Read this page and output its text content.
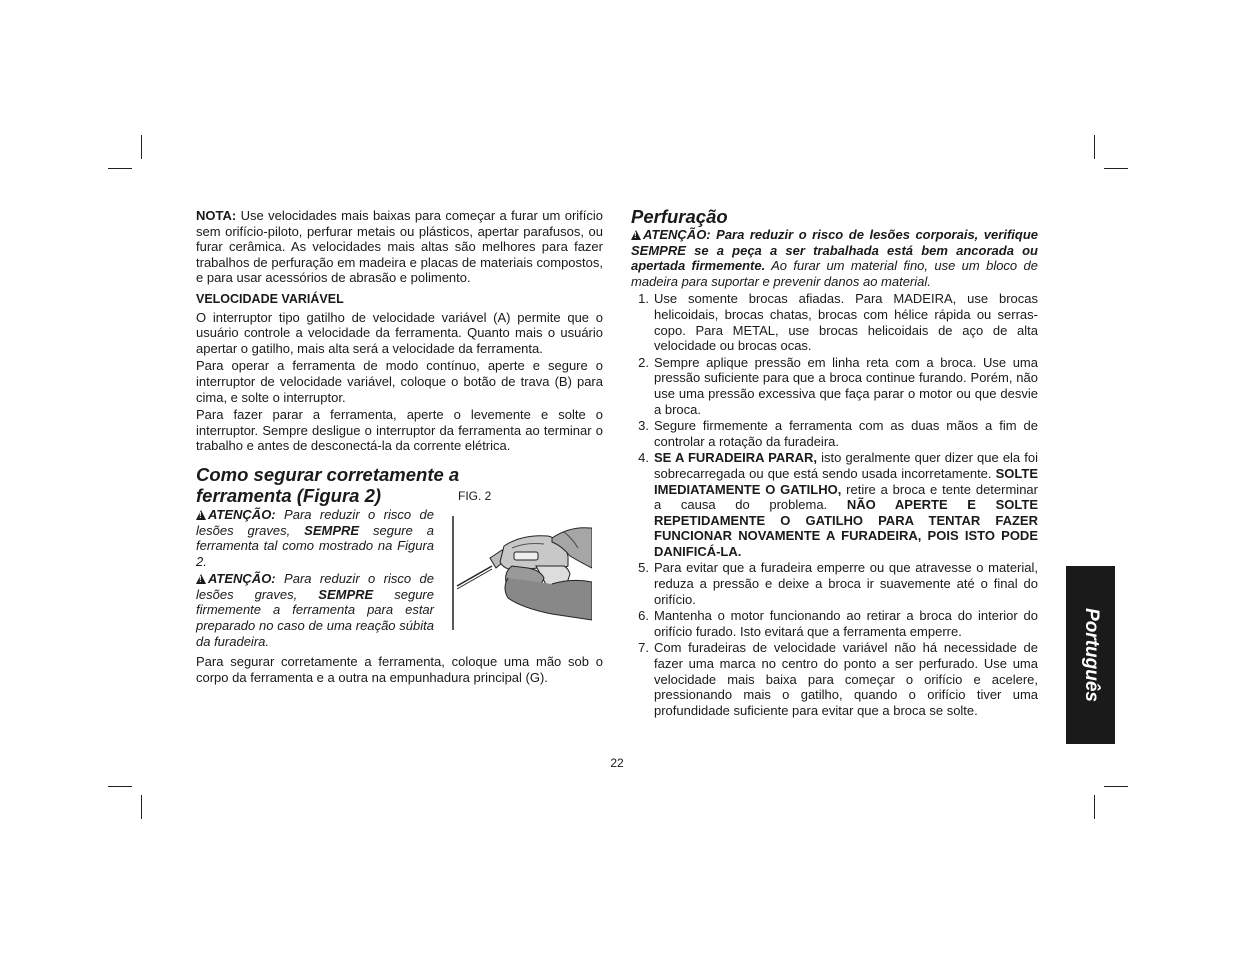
NOTA: Use velocidades mais baixas para começar a furar um orifício sem orifício-piloto, perfurar metais ou plásticos, apertar parafusos, ou furar cerâmica. As velocidades mais altas são melhores para fazer trabalhos de perfuração em madeira e placas de materiais compostos, e para usar acessórios de abrasão e polimento.

VELOCIDADE VARIÁVEL

O interruptor tipo gatilho de velocidade variável (A) permite que o usuário controle a velocidade da ferramenta. Quanto mais o usuário apertar o gatilho, mais alta será a velocidade da ferramenta.

Para operar a ferramenta de modo contínuo, aperte e segure o interruptor de velocidade variável, coloque o botão de trava (B) para cima, e solte o interruptor.

Para fazer parar a ferramenta, aperte o levemente e solte o interruptor. Sempre desligue o interruptor da ferramenta ao terminar o trabalho e antes de desconectá-la da corrente elétrica.

Como segurar corretamente a
ferramenta (Figura 2)	FIG. 2
!ATENÇÃO: Para reduzir o risco de lesões graves, SEMPRE segure a ferramenta tal como mostrado na Figura 2.
!ATENÇÃO: Para reduzir o risco de lesões graves, SEMPRE segure firmemente a ferramenta para estar preparado no caso de uma reação súbita da furadeira.

Para segurar corretamente a ferramenta, coloque uma mão sob o corpo da ferramenta e a outra na empunhadura principal (G).

Perfuração
!ATENÇÃO: Para reduzir o risco de lesões corporais, verifique SEMPRE se a peça a ser trabalhada está bem ancorada ou apertada firmemente. Ao furar um material fino, use um bloco de madeira para suportar e prevenir danos ao material.
1. Use somente brocas afiadas. Para MADEIRA, use brocas helicoidais, brocas chatas, brocas com hélice rápida ou serras-copo. Para METAL, use brocas helicoidais de aço de alta velocidade ou brocas ocas.
2. Sempre aplique pressão em linha reta com a broca. Use uma pressão suficiente para que a broca continue furando. Porém, não use uma pressão excessiva que faça parar o motor ou que desvie a broca.
3. Segure firmemente a ferramenta com as duas mãos a fim de controlar a rotação da furadeira.
4. SE A FURADEIRA PARAR, isto geralmente quer dizer que ela foi sobrecarregada ou que está sendo usada incorretamente. SOLTE IMEDIATAMENTE O GATILHO, retire a broca e tente determinar a causa do problema. NÃO APERTE E SOLTE REPETIDAMENTE O GATILHO PARA TENTAR FAZER FUNCIONAR NOVAMENTE A FURADEIRA, POIS ISTO PODE DANIFICÁ-LA.
5. Para evitar que a furadeira emperre ou que atravesse o material, reduza a pressão e deixe a broca ir suavemente até o final do orifício.
6. Mantenha o motor funcionando ao retirar a broca do interior do orifício furado. Isto evitará que a ferramenta emperre.
7. Com furadeiras de velocidade variável não há necessidade de fazer uma marca no centro do ponto a ser perfurado. Use uma velocidade mais baixa para começar o orifício e acelere, pressionando mais o gatilho, quando o orifício tiver uma profundidade suficiente para evitar que a broca se solte.
Português
22
